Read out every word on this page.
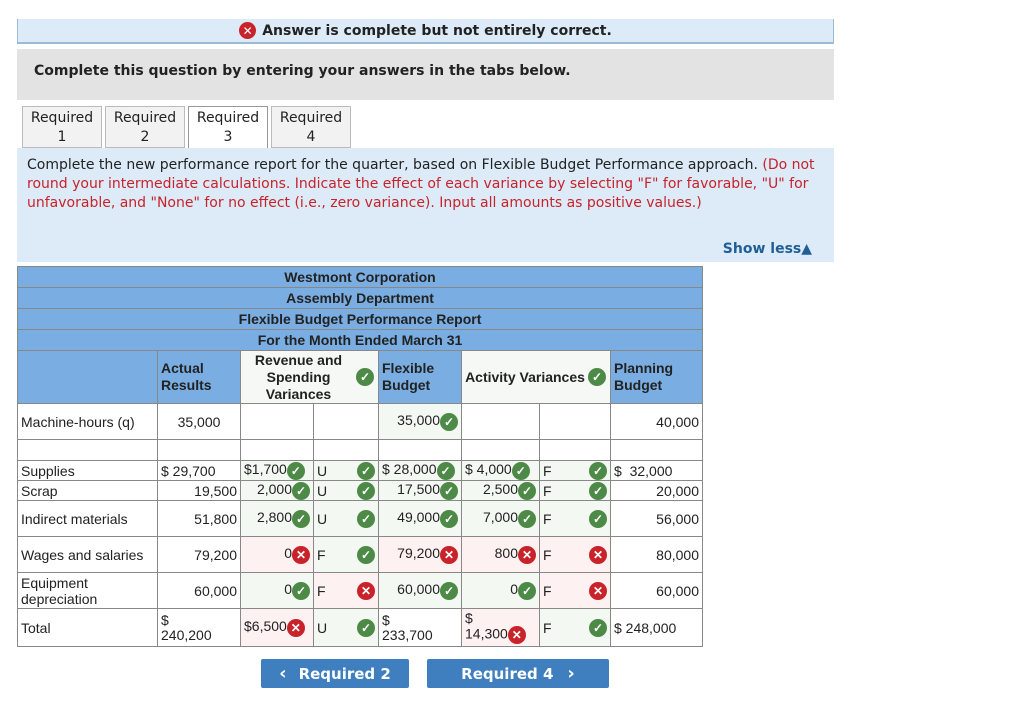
✕ Answer is complete but not entirely correct.
Complete this question by entering your answers in the tabs below.
Required
1
Required
2
Required
3
Required
4
Complete the new performance report for the quarter, based on Flexible Budget Performance approach. (Do not round your intermediate calculations. Indicate the effect of each variance by selecting "F" for favorable, "U" for unfavorable, and "None" for no effect (i.e., zero variance). Input all amounts as positive values.)
Show less▲
Westmont Corporation							
Assembly Department							
Flexible Budget Performance Report							
For the Month Ended March 31							
	Actual Results	Revenue and Spending Variances
✓		Flexible Budget	Activity Variances ✓		Planning Budget
Machine-hours (q)	35,000			35,000 ✓			40,000

Supplies	$ 29,700	$1,700 ✓	U ✓	$ 28,000 ✓	$ 4,000 ✓	F ✓	$  32,000
Scrap	19,500	2,000 ✓	U ✓	17,500 ✓	2,500 ✓	F ✓	20,000
Indirect materials	51,800	2,800 ✓	U ✓	49,000 ✓	7,000 ✓	F ✓	56,000
Wages and salaries	79,200	0 ✕	F ✓	79,200 ✕	800 ✕	F ✕	80,000
Equipment depreciation	60,000	0 ✓	F ✕	60,000 ✓	0 ✓	F ✕	60,000
Total	$ 240,200	$6,500 ✕	U ✓	$ 233,700	$ 14,300 ✕	F ✓	$ 248,000
‹ Required 2	Required 4 ›
